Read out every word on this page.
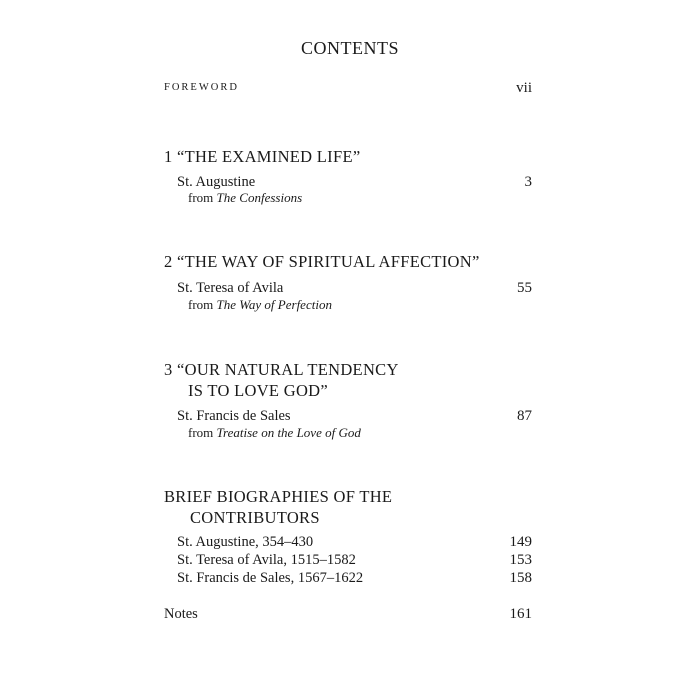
CONTENTS
FOREWORD	vii
1 “THE EXAMINED LIFE”
St. Augustine	3
from The Confessions
2 “THE WAY OF SPIRITUAL AFFECTION”
St. Teresa of Avila	55
from The Way of Perfection
3 “OUR NATURAL TENDENCY
IS TO LOVE GOD”
St. Francis de Sales	87
from Treatise on the Love of God
BRIEF BIOGRAPHIES OF THE
CONTRIBUTORS
St. Augustine, 354–430	149
St. Teresa of Avila, 1515–1582	153
St. Francis de Sales, 1567–1622	158
Notes	161
